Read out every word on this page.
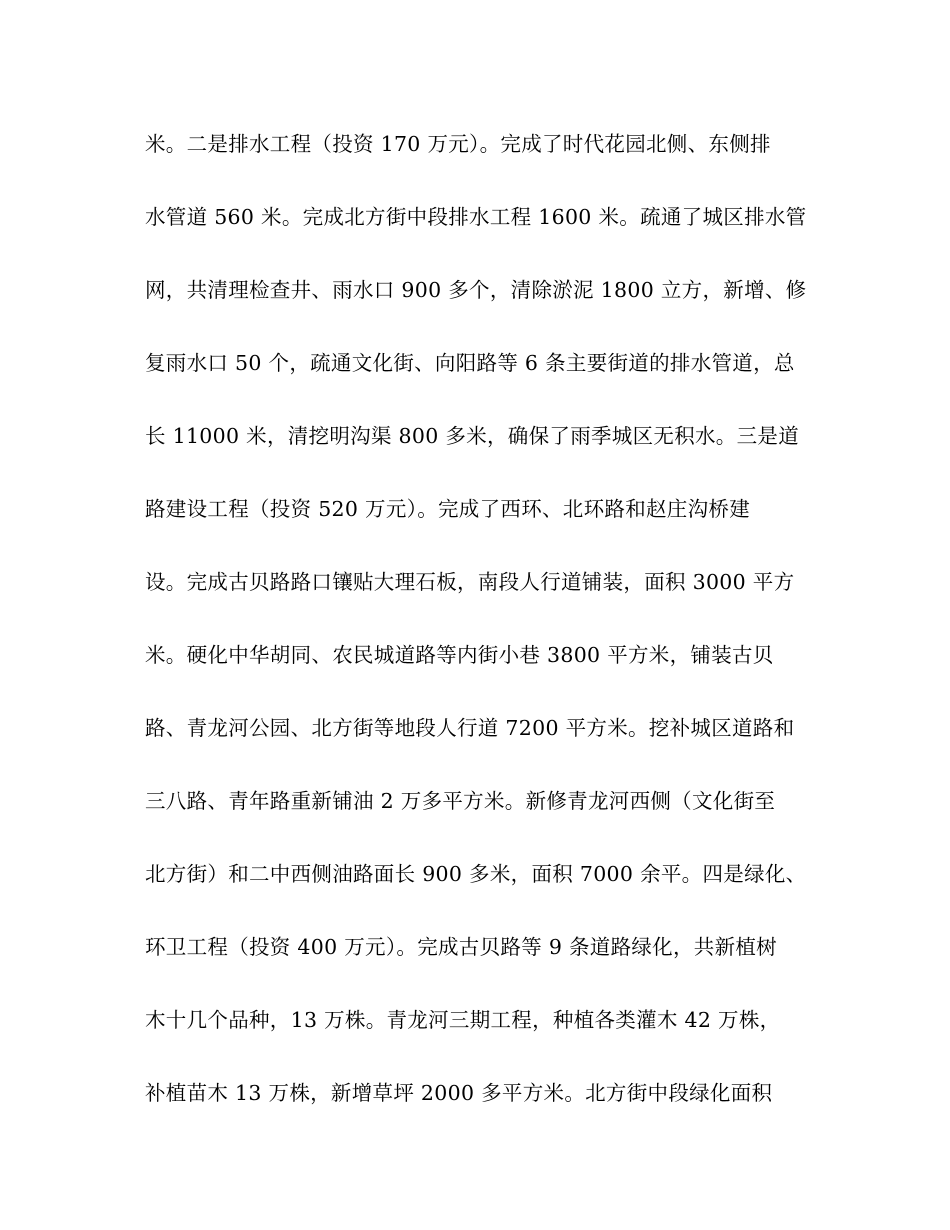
米。二是排水工程（投资 170 万元）。完成了时代花园北侧、东侧排
水管道 560 米。完成北方街中段排水工程 1600 米。疏通了城区排水管
网，共清理检查井、雨水口 900 多个，清除淤泥 1800 立方，新增、修
复雨水口 50 个，疏通文化街、向阳路等 6 条主要街道的排水管道，总
长 11000 米，清挖明沟渠 800 多米，确保了雨季城区无积水。三是道
路建设工程（投资 520 万元）。完成了西环、北环路和赵庄沟桥建
设。完成古贝路路口镶贴大理石板，南段人行道铺装，面积 3000 平方
米。硬化中华胡同、农民城道路等内街小巷 3800 平方米，铺装古贝
路、青龙河公园、北方街等地段人行道 7200 平方米。挖补城区道路和
三八路、青年路重新铺油 2 万多平方米。新修青龙河西侧（文化街至
北方街）和二中西侧油路面长 900 多米，面积 7000 余平。四是绿化、
环卫工程（投资 400 万元）。完成古贝路等 9 条道路绿化，共新植树
木十几个品种，13 万株。青龙河三期工程，种植各类灌木 42 万株，
补植苗木 13 万株，新增草坪 2000 多平方米。北方街中段绿化面积
